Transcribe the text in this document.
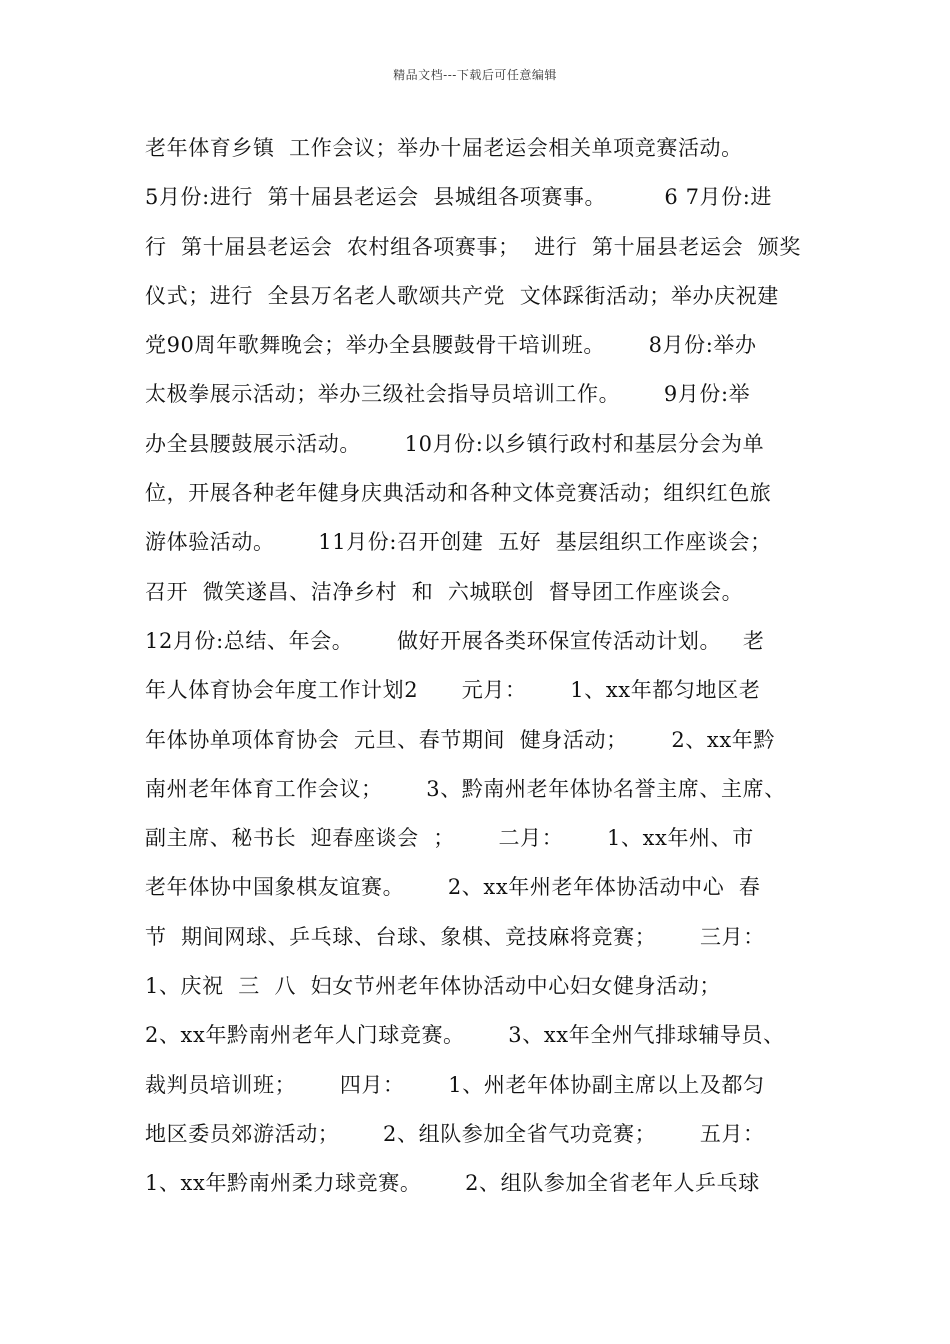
精品文档---下载后可任意编辑
老年体育乡镇  工作会议；举办十届老运会相关单项竞赛活动。
5月份:进行  第十届县老运会  县城组各项赛事。        6 7月份:进
行  第十届县老运会  农村组各项赛事；  进行  第十届县老运会  颁奖
仪式；进行  全县万名老人歌颂共产党  文体踩街活动；举办庆祝建
党90周年歌舞晚会；举办全县腰鼓骨干培训班。      8月份:举办
太极拳展示活动；举办三级社会指导员培训工作。      9月份:举
办全县腰鼓展示活动。      10月份:以乡镇行政村和基层分会为单
位，开展各种老年健身庆典活动和各种文体竞赛活动；组织红色旅
游体验活动。      11月份:召开创建  五好  基层组织工作座谈会；
召开  微笑遂昌、洁净乡村  和  六城联创  督导团工作座谈会。
12月份:总结、年会。      做好开展各类环保宣传活动计划。   老
年人体育协会年度工作计划2      元月：      1、xx年都匀地区老
年体协单项体育协会  元旦、春节期间  健身活动；      2、xx年黔
南州老年体育工作会议；      3、黔南州老年体协名誉主席、主席、
副主席、秘书长  迎春座谈会  ；      二月：      1、xx年州、市
老年体协中国象棋友谊赛。      2、xx年州老年体协活动中心  春
节  期间网球、乒乓球、台球、象棋、竞技麻将竞赛；      三月：
1、庆祝  三  八  妇女节州老年体协活动中心妇女健身活动；
2、xx年黔南州老年人门球竞赛。      3、xx年全州气排球辅导员、
裁判员培训班；      四月：      1、州老年体协副主席以上及都匀
地区委员郊游活动；      2、组队参加全省气功竞赛；      五月：
1、xx年黔南州柔力球竞赛。      2、组队参加全省老年人乒乓球
